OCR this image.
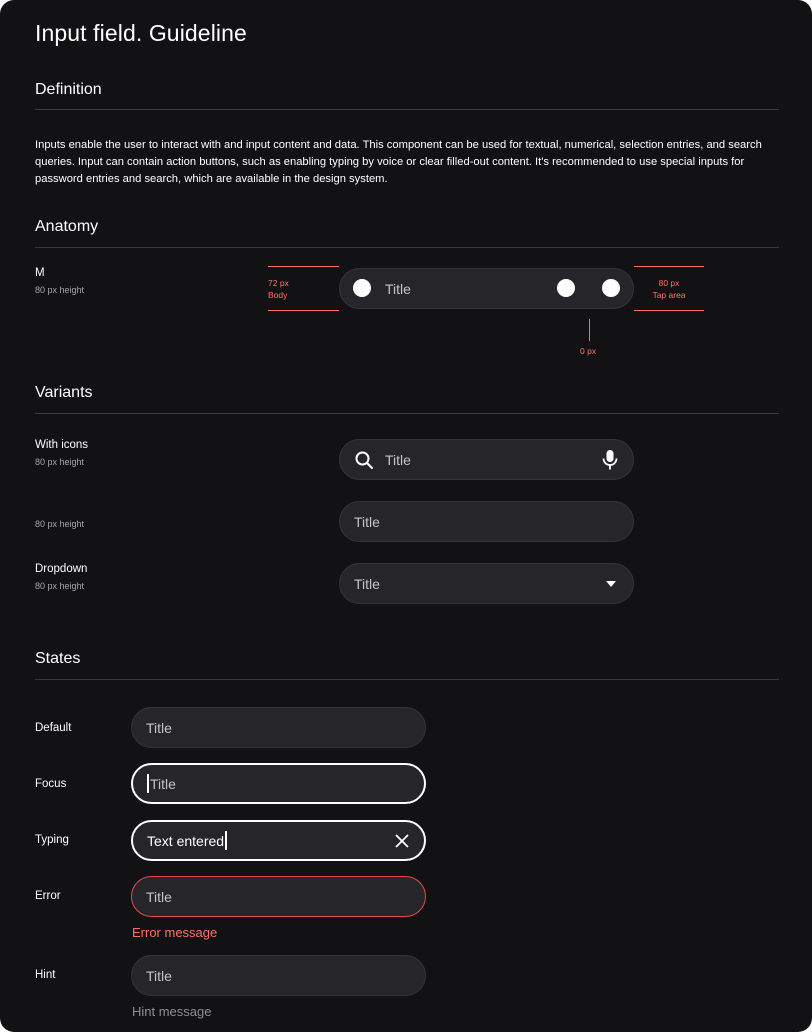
Input field. Guideline
Definition
Inputs enable the user to interact with and input content and data. This component can be used for textual, numerical, selection entries, and search queries. Input can contain action buttons, such as enabling typing by voice or clear filled-out content. It's recommended to use special inputs for password entries and search, which are available in the design system.
Anatomy
M
80 px height
72 px
Body
80 px
Tap area
Title
0 px
Variants
With icons
80 px height	Title
80 px height	Title
Dropdown
80 px height	Title
States
Default	Title
Focus	Title
Typing	Text entered
Error	Title
Error message
Hint	Title
Hint message
